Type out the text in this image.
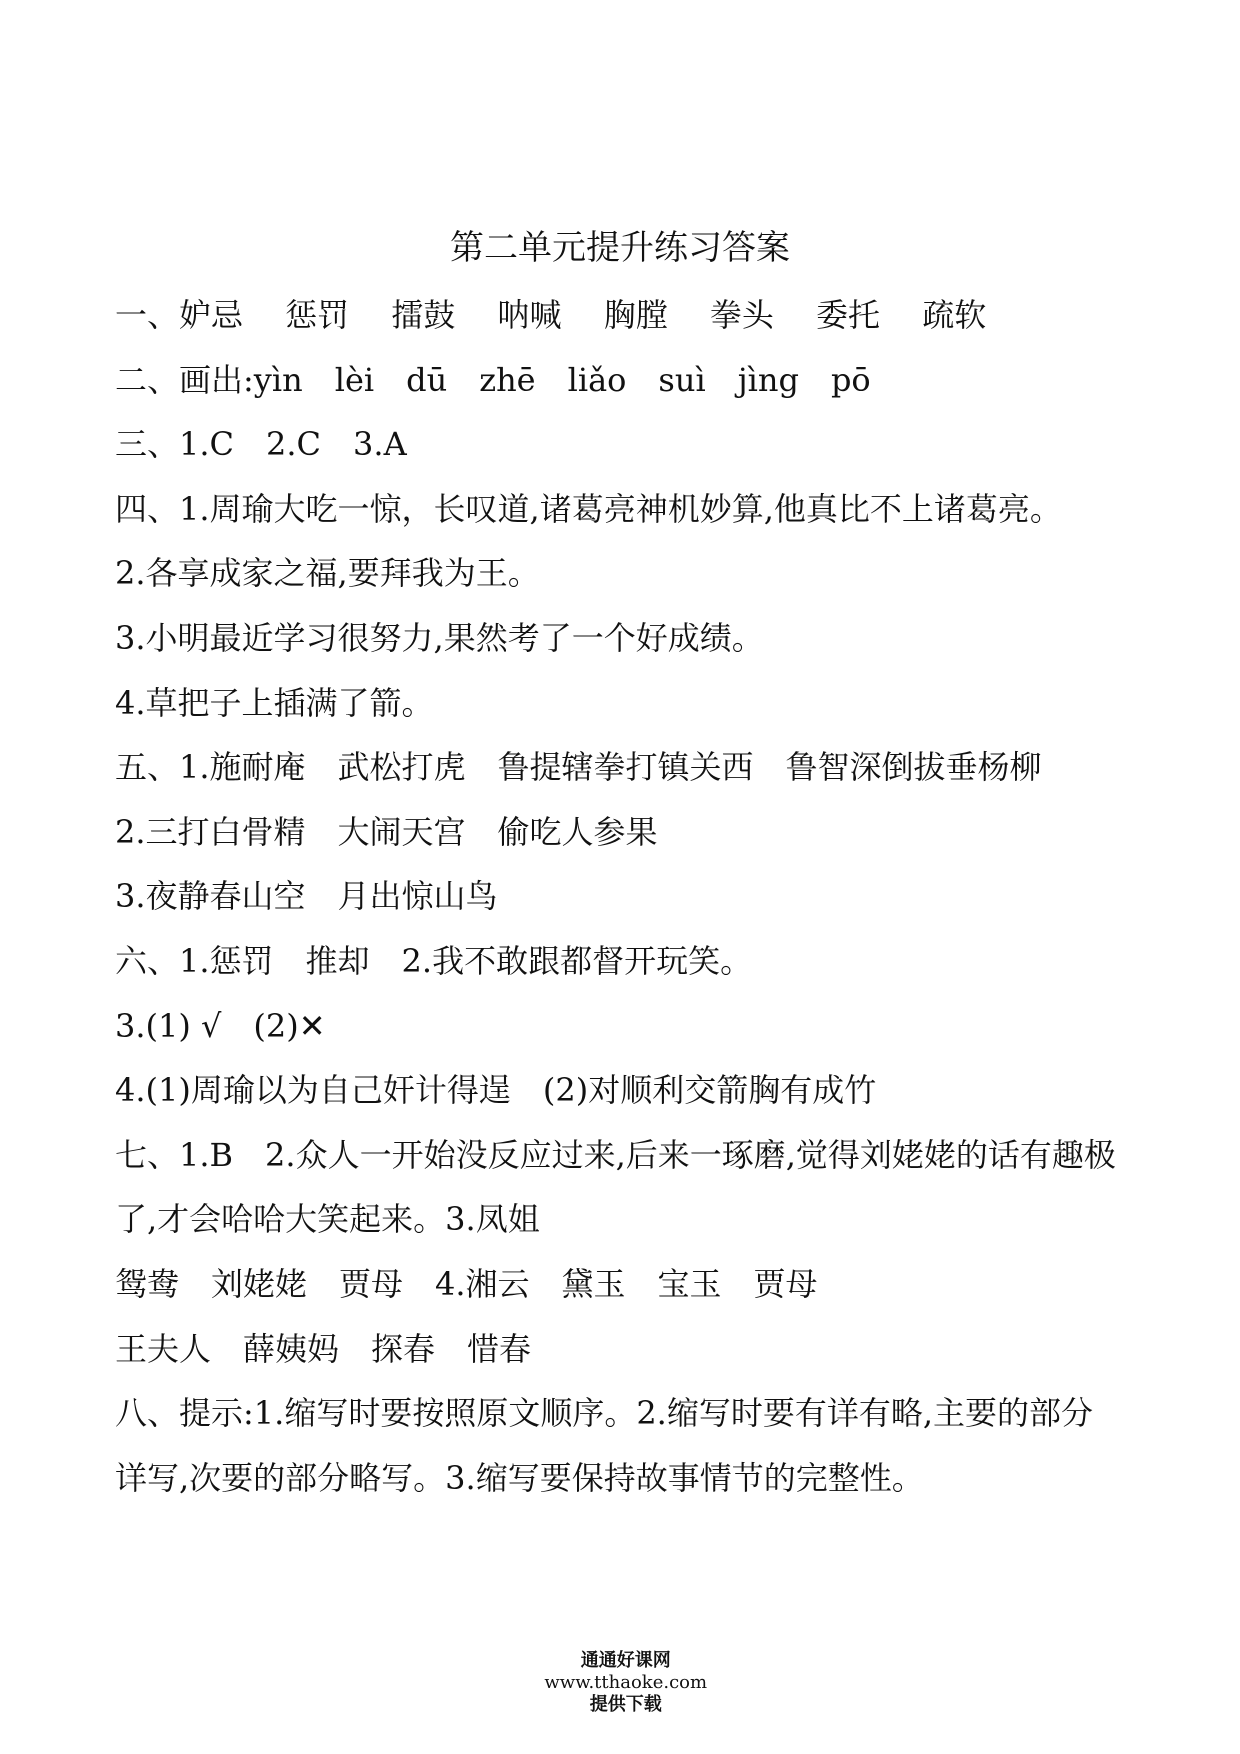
第二单元提升练习答案
一、妒忌　 惩罚　 擂鼓　 呐喊　 胸膛　 拳头　 委托　 疏软
二、画出:yìn　lèi　dū　zhē　liǎo　suì　jìng　pō
三、1.C　2.C　3.A
四、1.周瑜大吃一惊，长叹道,诸葛亮神机妙算,他真比不上诸葛亮。
2.各享成家之福,要拜我为王。
3.小明最近学习很努力,果然考了一个好成绩。
4.草把子上插满了箭。
五、1.施耐庵　武松打虎　鲁提辖拳打镇关西　鲁智深倒拔垂杨柳
2.三打白骨精　大闹天宫　偷吃人参果
3.夜静春山空　月出惊山鸟
六、1.惩罚　推却　2.我不敢跟都督开玩笑。
3.(1) √　(2)✕
4.(1)周瑜以为自己奸计得逞　(2)对顺利交箭胸有成竹
七、1.B　2.众人一开始没反应过来,后来一琢磨,觉得刘姥姥的话有趣极
了,才会哈哈大笑起来。3.凤姐
鸳鸯　刘姥姥　贾母　4.湘云　黛玉　宝玉　贾母
王夫人　薛姨妈　探春　惜春
八、提示:1.缩写时要按照原文顺序。2.缩写时要有详有略,主要的部分
详写,次要的部分略写。3.缩写要保持故事情节的完整性。

通通好课网
www.tthaoke.com
提供下载
